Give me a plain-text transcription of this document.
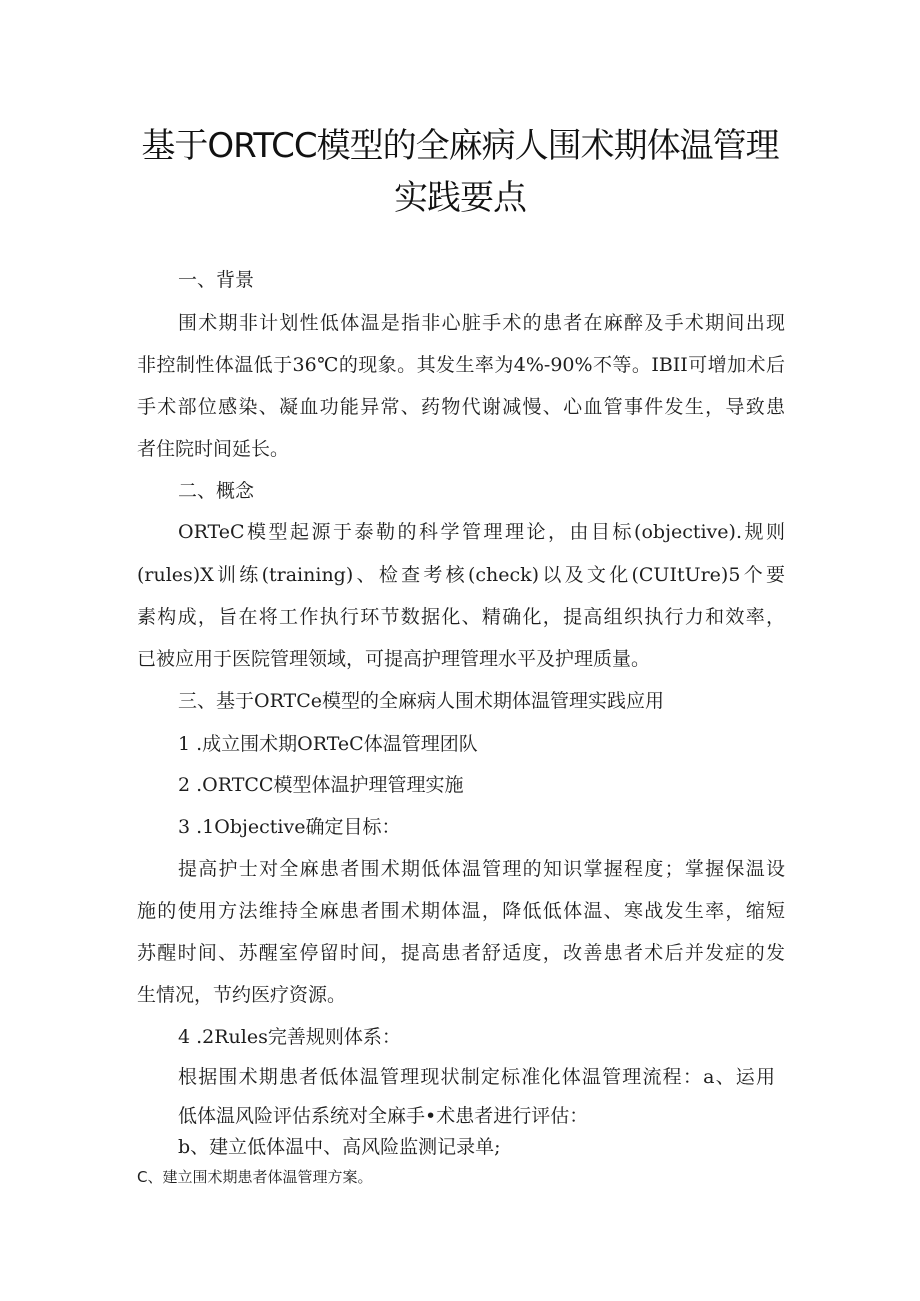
基于ORTCC模型的全麻病人围术期体温管理
实践要点

一、背景

围术期非计划性低体温是指非心脏手术的患者在麻醉及手术期间出现

非控制性体温低于36℃的现象。其发生率为4%-90%不等。IBII可增加术后

手术部位感染、凝血功能异常、药物代谢减慢、心血管事件发生，导致患

者住院时间延长。

二、概念

ORTeC模型起源于泰勒的科学管理理论，由目标(objective).规则

(rules)X训练(training)、检查考核(check)以及文化(CUItUre)5个要

素构成，旨在将工作执行环节数据化、精确化，提高组织执行力和效率，

已被应用于医院管理领域，可提高护理管理水平及护理质量。

三、基于ORTCe模型的全麻病人围术期体温管理实践应用

1 .成立围术期ORTeC体温管理团队

2 .ORTCC模型体温护理管理实施

3 .1Objective确定目标：

提高护士对全麻患者围术期低体温管理的知识掌握程度；掌握保温设

施的使用方法维持全麻患者围术期体温，降低低体温、寒战发生率，缩短

苏醒时间、苏醒室停留时间，提高患者舒适度，改善患者术后并发症的发

生情况，节约医疗资源。

4 .2Rules完善规则体系：

根据围术期患者低体温管理现状制定标准化体温管理流程：a、运用

低体温风险评估系统对全麻手•术患者进行评估：

b、建立低体温中、高风险监测记录单;

C、建立围术期患者体温管理方案。
